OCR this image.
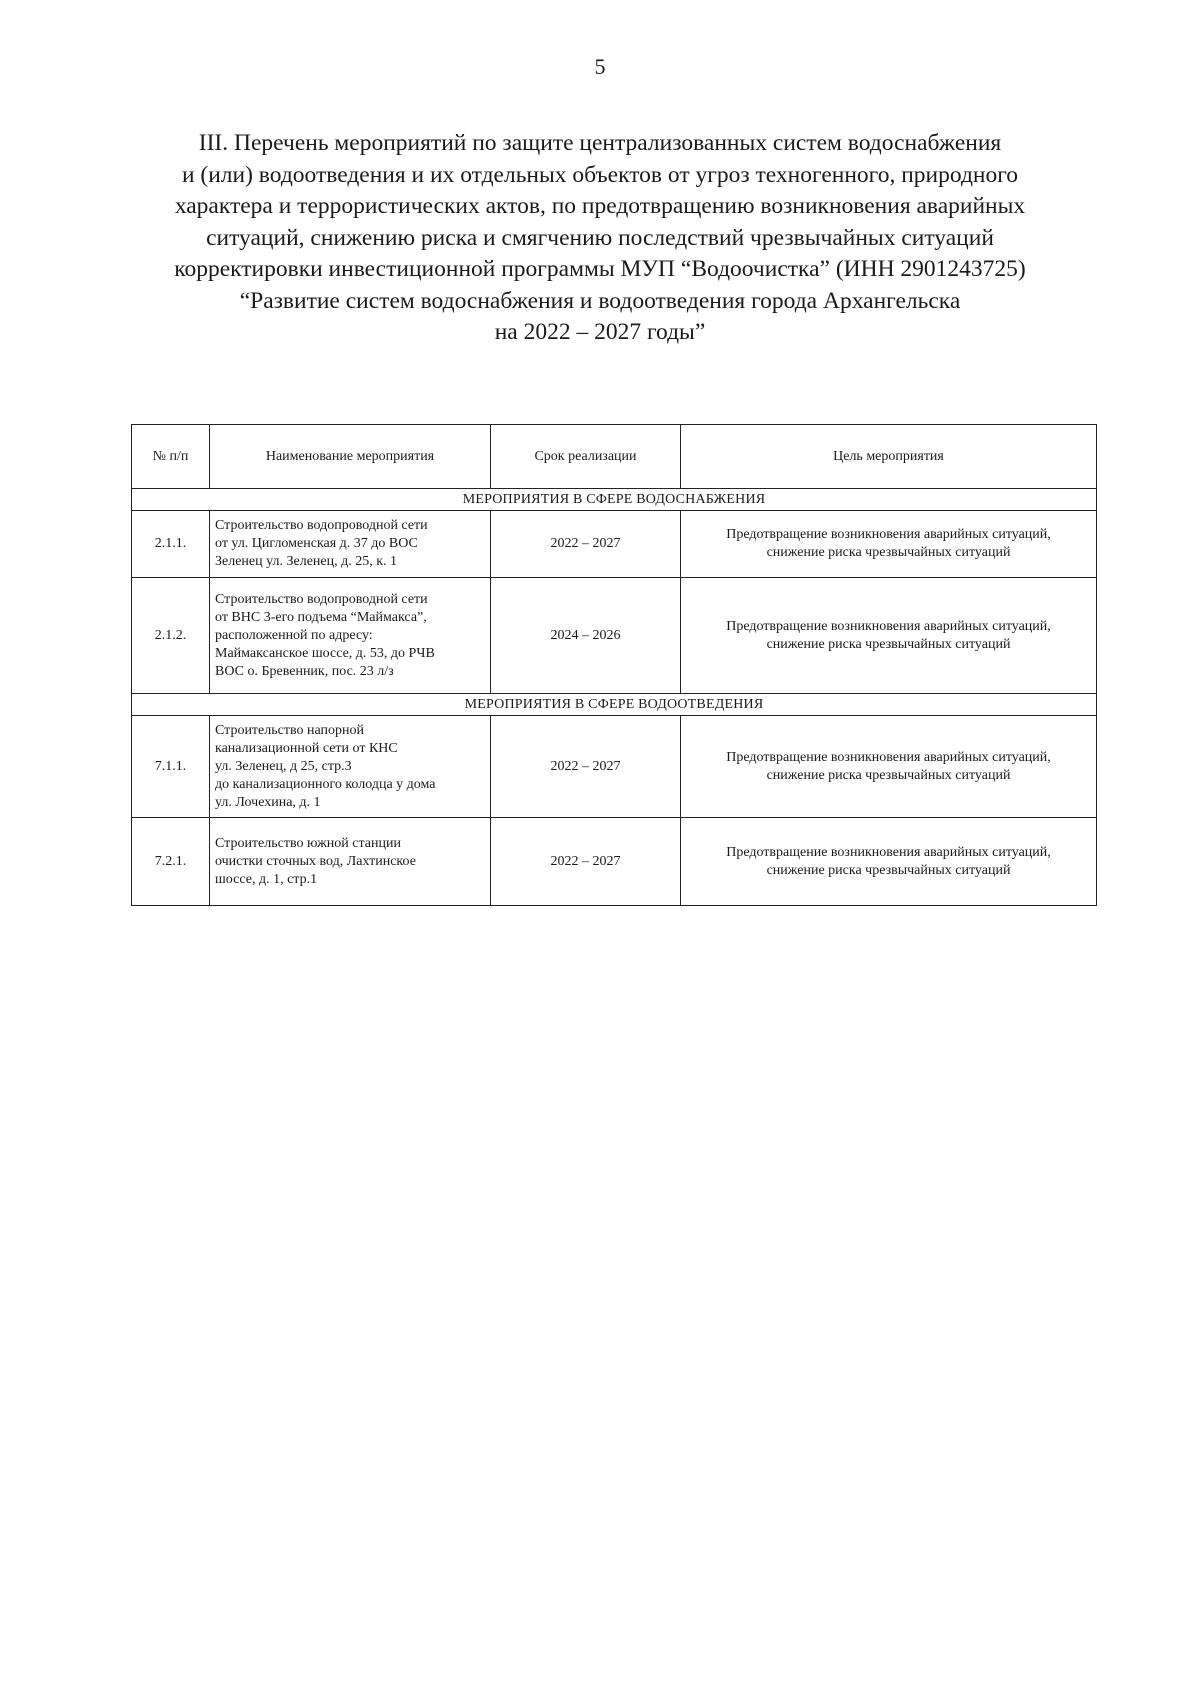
5
III. Перечень мероприятий по защите централизованных систем водоснабжения
и (или) водоотведения и их отдельных объектов от угроз техногенного, природного
характера и террористических актов, по предотвращению возникновения аварийных
ситуаций, снижению риска и смягчению последствий чрезвычайных ситуаций
корректировки инвестиционной программы МУП “Водоочистка” (ИНН 2901243725)
“Развитие систем водоснабжения и водоотведения города Архангельска
на 2022 – 2027 годы”
№ п/п	Наименование мероприятия	Срок реализации	Цель мероприятия
МЕРОПРИЯТИЯ В СФЕРЕ ВОДОСНАБЖЕНИЯ			
2.1.1.	Строительство водопроводной сети
от ул. Цигломенская д. 37 до ВОС
Зеленец ул. Зеленец, д. 25, к. 1	2022 – 2027	Предотвращение возникновения аварийных ситуаций,
снижение риска чрезвычайных ситуаций

2.1.2.	Строительство водопроводной сети
от ВНС 3-его подъема “Маймакса”,
расположенной по адресу:
Маймаксанское шоссе, д. 53, до РЧВ
ВОС о. Бревенник, пос. 23 л/з	2024 – 2026	Предотвращение возникновения аварийных ситуаций,
снижение риска чрезвычайных ситуаций

МЕРОПРИЯТИЯ В СФЕРЕ ВОДООТВЕДЕНИЯ			
7.1.1.	Строительство напорной
канализационной сети от КНС
ул. Зеленец, д 25, стр.3
до канализационного колодца у дома
ул. Лочехина, д. 1	2022 – 2027	Предотвращение возникновения аварийных ситуаций,
снижение риска чрезвычайных ситуаций

7.2.1.	Строительство южной станции
очистки сточных вод, Лахтинское
шоссе, д. 1, стр.1	2022 – 2027	Предотвращение возникновения аварийных ситуаций,
снижение риска чрезвычайных ситуаций
